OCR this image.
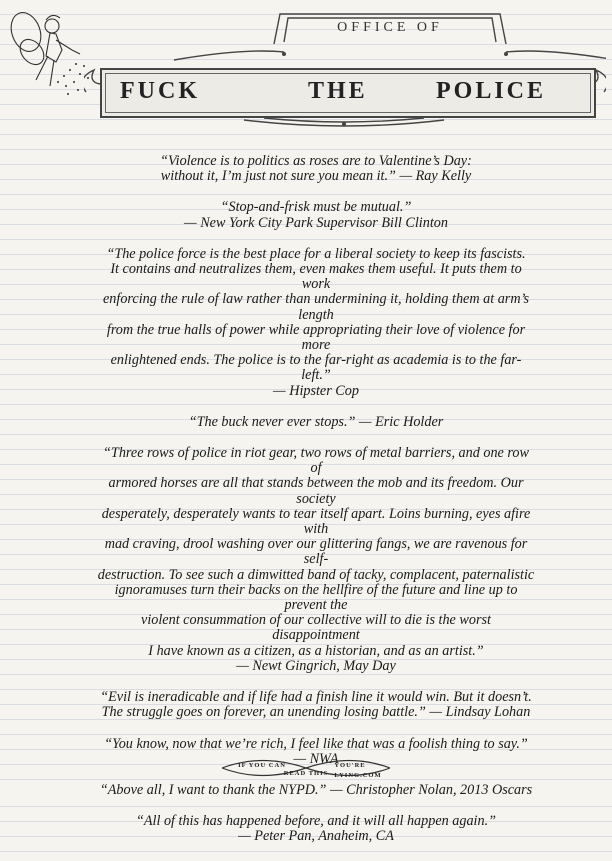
OFFICE OF
FUCK	THE	POLICE
“Violence is to politics as roses are to Valentine’s Day:
without it, I’m just not sure you mean it.” — Ray Kelly
“Stop-and-frisk must be mutual.”
— New York City Park Supervisor Bill Clinton
“The police force is the best place for a liberal society to keep its fascists.
It contains and neutralizes them, even makes them useful. It puts them to work
enforcing the rule of law rather than undermining it, holding them at arm’s length
from the true halls of power while appropriating their love of violence for more
enlightened ends. The police is to the far-right as academia is to the far-left.”
— Hipster Cop
“The buck never ever stops.” — Eric Holder
“Three rows of police in riot gear, two rows of metal barriers, and one row of
armored horses are all that stands between the mob and its freedom. Our society
desperately, desperately wants to tear itself apart. Loins burning, eyes afire with
mad craving, drool washing over our glittering fangs, we are ravenous for self-
destruction. To see such a dimwitted band of tacky, complacent, paternalistic
ignoramuses turn their backs on the hellfire of the future and line up to prevent the
violent consummation of our collective will to die is the worst disappointment
I have known as a citizen, as a historian, and as an artist.”
— Newt Gingrich, May Day
“Evil is ineradicable and if life had a finish line it would win. But it doesn’t.
The struggle goes on forever, an unending losing battle.” — Lindsay Lohan
“You know, now that we’re rich, I feel like that was a foolish thing to say.”
— NWA
“Above all, I want to thank the NYPD.” — Christopher Nolan, 2013 Oscars
“All of this has happened before, and it will all happen again.”
— Peter Pan, Anaheim, CA
IF YOU CAN	YOU'RE
READ THIS LYING.COM
